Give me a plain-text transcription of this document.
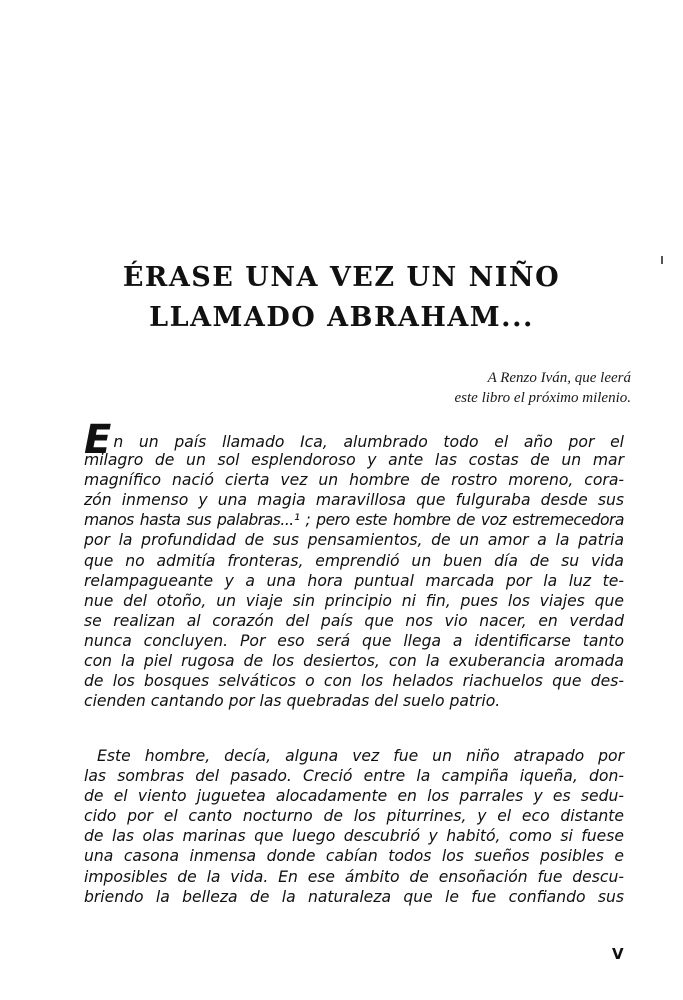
ÉRASE UNA VEZ UN NIÑO
LLAMADO ABRAHAM...
A Renzo Iván, que leerá
este libro el próximo milenio.
En un país llamado Ica, alumbrado todo el año por el
milagro de un sol esplendoroso y ante las costas de un mar
magnífico nació cierta vez un hombre de rostro moreno, cora-
zón inmenso y una magia maravillosa que fulguraba desde sus
manos hasta sus palabras...¹ ; pero este hombre de voz estremecedora
por la profundidad de sus pensamientos, de un amor a la patria
que no admitía fronteras, emprendió un buen día de su vida
relampagueante y a una hora puntual marcada por la luz te-
nue del otoño, un viaje sin principio ni fin, pues los viajes que
se realizan al corazón del país que nos vio nacer, en verdad
nunca concluyen. Por eso será que llega a identificarse tanto
con la piel rugosa de los desiertos, con la exuberancia aromada
de los bosques selváticos o con los helados riachuelos que des-
cienden cantando por las quebradas del suelo patrio.
Este hombre, decía, alguna vez fue un niño atrapado por
las sombras del pasado. Creció entre la campiña iqueña, don-
de el viento juguetea alocadamente en los parrales y es sedu-
cido por el canto nocturno de los piturrines, y el eco distante
de las olas marinas que luego descubrió y habitó, como si fuese
una casona inmensa donde cabían todos los sueños posibles e
imposibles de la vida. En ese ámbito de ensoñación fue descu-
briendo la belleza de la naturaleza que le fue confiando sus
V
